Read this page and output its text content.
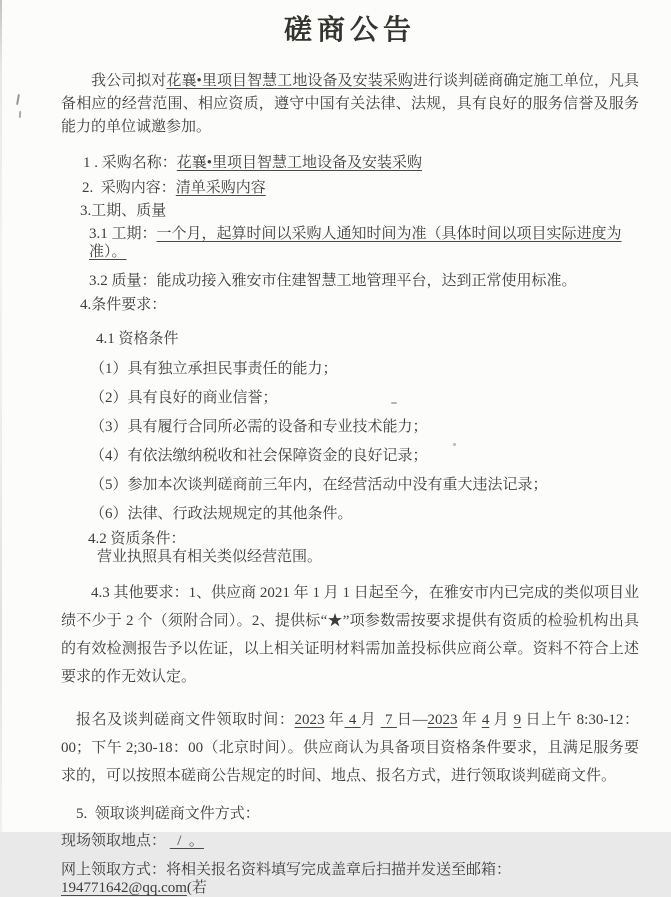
磋商公告

我公司拟对花襄•里项目智慧工地设备及安装采购进行谈判磋商确定施工单位，凡具备相应的经营范围、相应资质，遵守中国有关法律、法规，具有良好的服务信誉及服务能力的单位诚邀参加。

1 . 采购名称：花襄•里项目智慧工地设备及安装采购
2.  采购内容：清单采购内容
3.工期、质量
3.1 工期：一个月，起算时间以采购人通知时间为准（具体时间以项目实际进度为准）。
3.2 质量：能成功接入雅安市住建智慧工地管理平台，达到正常使用标准。
4.条件要求：
4.1 资格条件
（1）具有独立承担民事责任的能力；
（2）具有良好的商业信誉；
（3）具有履行合同所必需的设备和专业技术能力；
（4）有依法缴纳税收和社会保障资金的良好记录；
（5）参加本次谈判磋商前三年内，在经营活动中没有重大违法记录；
（6）法律、行政法规规定的其他条件。
4.2 资质条件：
营业执照具有相关类似经营范围。

4.3 其他要求：1、供应商 2021 年 1 月 1 日起至今，在雅安市内已完成的类似项目业绩不少于 2 个（须附合同）。2、提供标“★”项参数需按要求提供有资质的检验机构出具的有效检测报告予以佐证，以上相关证明材料需加盖投标供应商公章。资料不符合上述要求的作无效认定。

报名及谈判磋商文件领取时间：2023 年 4 月  7 日—2023 年 4 月 9 日上午 8:30-12：00；下午 2;30-18：00（北京时间）。供应商认为具备项目资格条件要求，且满足服务要求的，可以按照本磋商公告规定的时间、地点、报名方式，进行领取谈判磋商文件。

5.  领取谈判磋商文件方式：
现场领取地点：   /  。
网上领取方式：将相关报名资料填写完成盖章后扫描并发送至邮箱：194771642@qq.com(若
